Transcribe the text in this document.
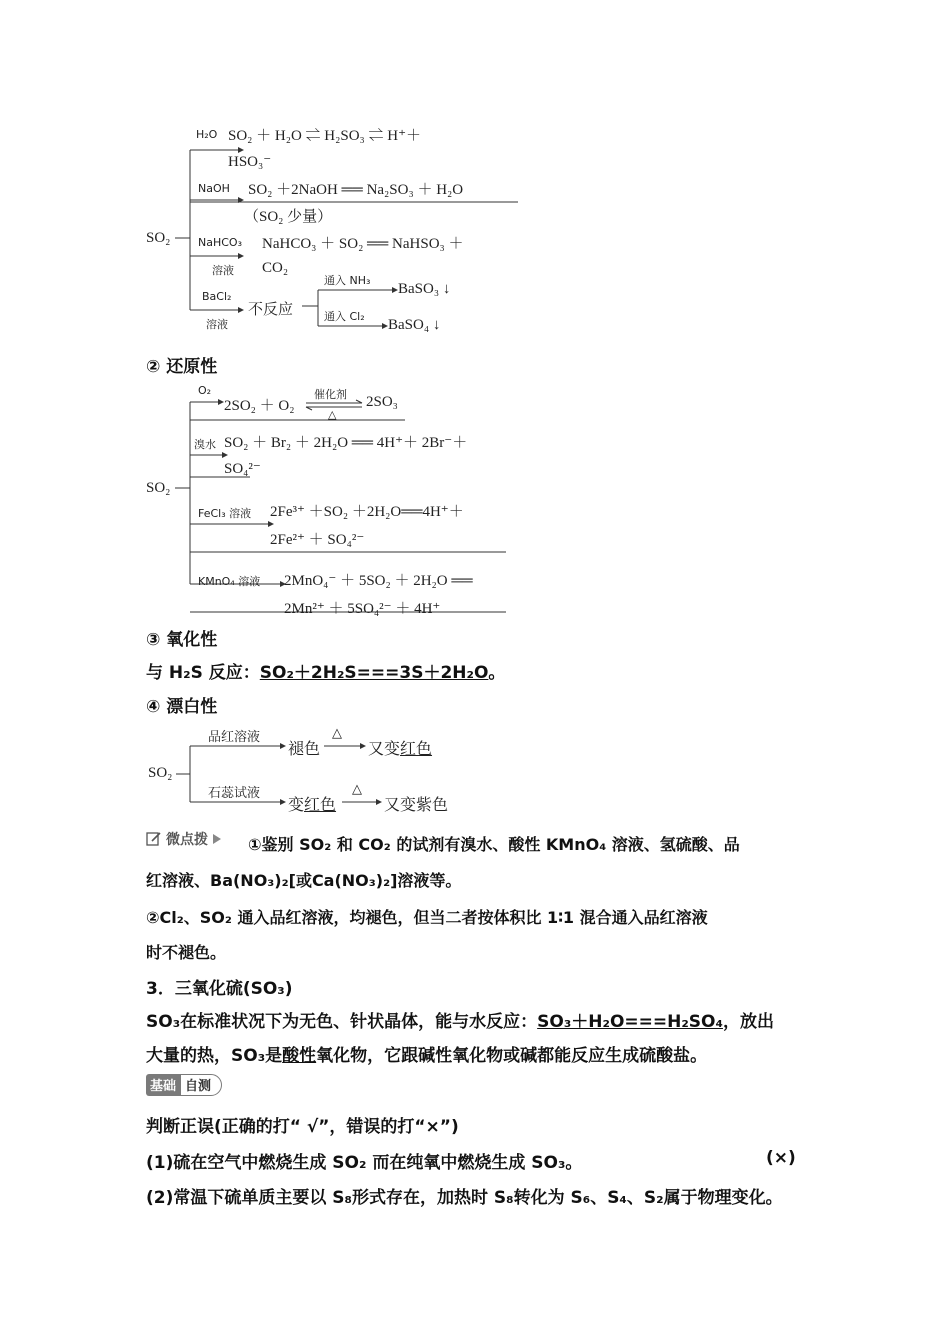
SO₂
H₂O SO₂ ＋ H₂O ⇌ H₂SO₃ ⇌ H⁺＋
HSO₃⁻
NaOH SO₂ ＋2NaOH ══ Na₂SO₃ ＋ H₂O
（SO₂ 少量）
NaHCO₃
溶液
NaHCO₃ ＋ SO₂ ══ NaHSO₃ ＋
CO₂
BaCl₂
溶液
不反应
通入 NH₃
BaSO₃ ↓
通入 Cl₂
BaSO₄ ↓
② 还原性
SO₂
O₂
2SO₂ ＋ O₂
催化剂
△
2SO₃
溴水 SO₂ ＋ Br₂ ＋ 2H₂O ══ 4H⁺＋ 2Br⁻＋
SO₄²⁻
FeCl₃ 溶液 2Fe³⁺ ＋SO₂ ＋2H₂O══4H⁺＋
2Fe²⁺ ＋ SO₄²⁻
KMnO₄ 溶液 2MnO₄⁻ ＋ 5SO₂ ＋ 2H₂O ══
2Mn²⁺ ＋ 5SO₄²⁻ ＋ 4H⁺
③ 氧化性
与 H₂S 反应：SO₂＋2H₂S===3S＋2H₂O。
④ 漂白性
SO₂
品红溶液
褪色
△
又变红色
石蕊试液
变红色
△
又变紫色
微点拨	①鉴别 SO₂ 和 CO₂ 的试剂有溴水、酸性 KMnO₄ 溶液、氢硫酸、品
红溶液、Ba(NO₃)₂[或Ca(NO₃)₂]溶液等。
②Cl₂、SO₂ 通入品红溶液，均褪色，但当二者按体积比 1∶1 混合通入品红溶液
时不褪色。
3．三氧化硫(SO₃)
SO₃在标准状况下为无色、针状晶体，能与水反应：SO₃＋H₂O===H₂SO₄，放出
大量的热，SO₃是酸性氧化物，它跟碱性氧化物或碱都能反应生成硫酸盐。
基础 自测
判断正误(正确的打“ √”，错误的打“×”)
(1)硫在空气中燃烧生成 SO₂ 而在纯氧中燃烧生成 SO₃。	(×)
(2)常温下硫单质主要以 S₈形式存在，加热时 S₈转化为 S₆、S₄、S₂属于物理变化。
